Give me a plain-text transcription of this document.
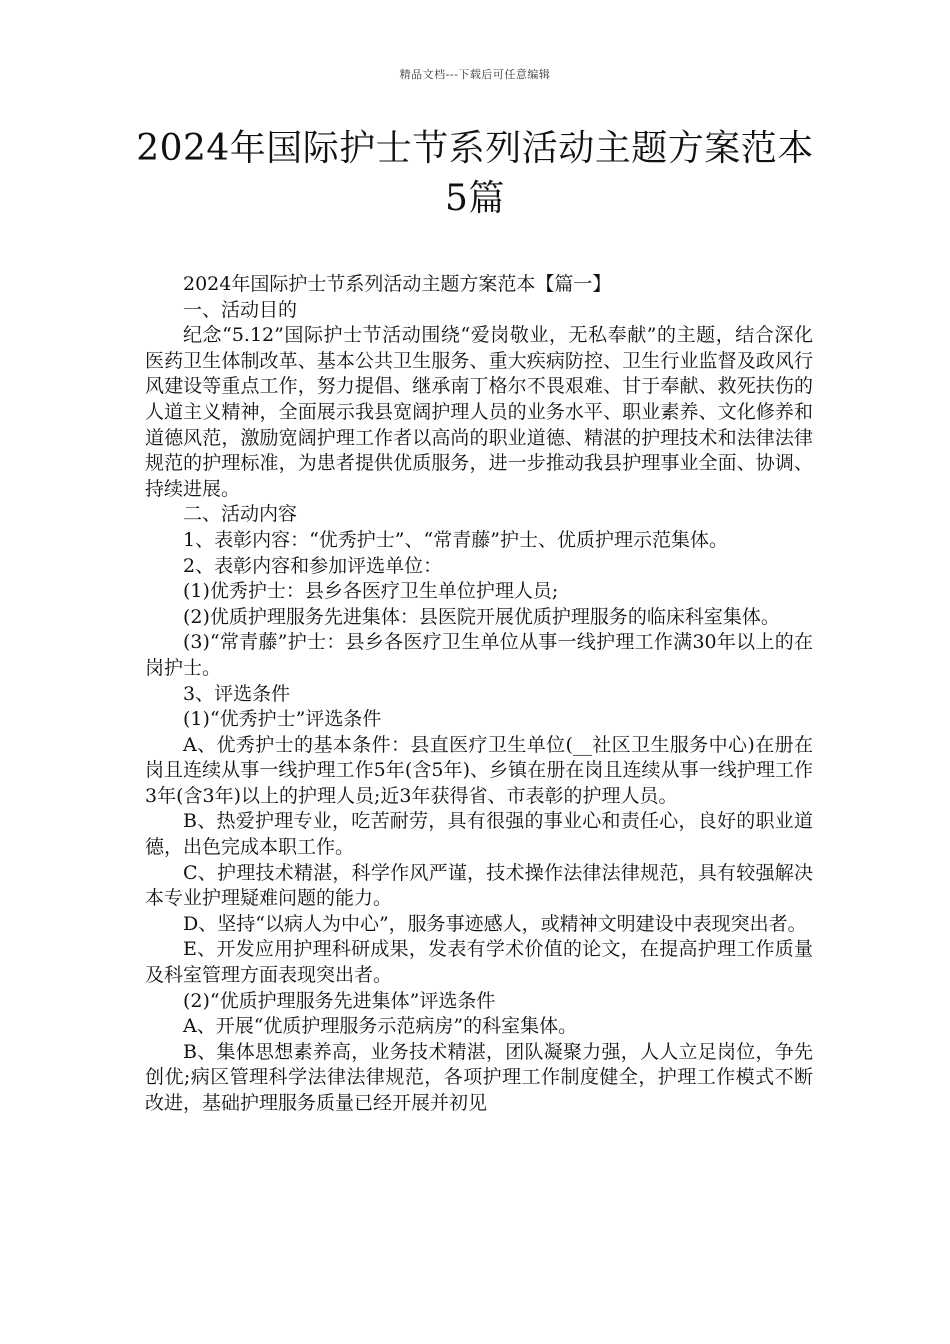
精品文档---下载后可任意编辑
2024年国际护士节系列活动主题方案范本
5篇

2024年国际护士节系列活动主题方案范本【篇一】

一、活动目的

纪念“5.12”国际护士节活动围绕“爱岗敬业，无私奉献”的主题，结合深化医药卫生体制改革、基本公共卫生服务、重大疾病防控、卫生行业监督及政风行风建设等重点工作，努力提倡、继承南丁格尔不畏艰难、甘于奉献、救死扶伤的人道主义精神，全面展示我县宽阔护理人员的业务水平、职业素养、文化修养和道德风范，激励宽阔护理工作者以高尚的职业道德、精湛的护理技术和法律法律规范的护理标准，为患者提供优质服务，进一步推动我县护理事业全面、协调、持续进展。

二、活动内容

1、表彰内容：“优秀护士”、“常青藤”护士、优质护理示范集体。

2、表彰内容和参加评选单位：

(1)优秀护士：县乡各医疗卫生单位护理人员;

(2)优质护理服务先进集体：县医院开展优质护理服务的临床科室集体。

(3)“常青藤”护士：县乡各医疗卫生单位从事一线护理工作满30年以上的在岗护士。

3、评选条件

(1)“优秀护士”评选条件

A、优秀护士的基本条件：县直医疗卫生单位(__社区卫生服务中心)在册在岗且连续从事一线护理工作5年(含5年)、乡镇在册在岗且连续从事一线护理工作3年(含3年)以上的护理人员;近3年获得省、市表彰的护理人员。

B、热爱护理专业，吃苦耐劳，具有很强的事业心和责任心，良好的职业道德，出色完成本职工作。

C、护理技术精湛，科学作风严谨，技术操作法律法律规范，具有较强解决本专业护理疑难问题的能力。

D、坚持“以病人为中心”，服务事迹感人，或精神文明建设中表现突出者。

E、开发应用护理科研成果，发表有学术价值的论文，在提高护理工作质量及科室管理方面表现突出者。

(2)“优质护理服务先进集体”评选条件

A、开展“优质护理服务示范病房”的科室集体。

B、集体思想素养高，业务技术精湛，团队凝聚力强，人人立足岗位，争先创优;病区管理科学法律法律规范，各项护理工作制度健全，护理工作模式不断改进，基础护理服务质量已经开展并初见
